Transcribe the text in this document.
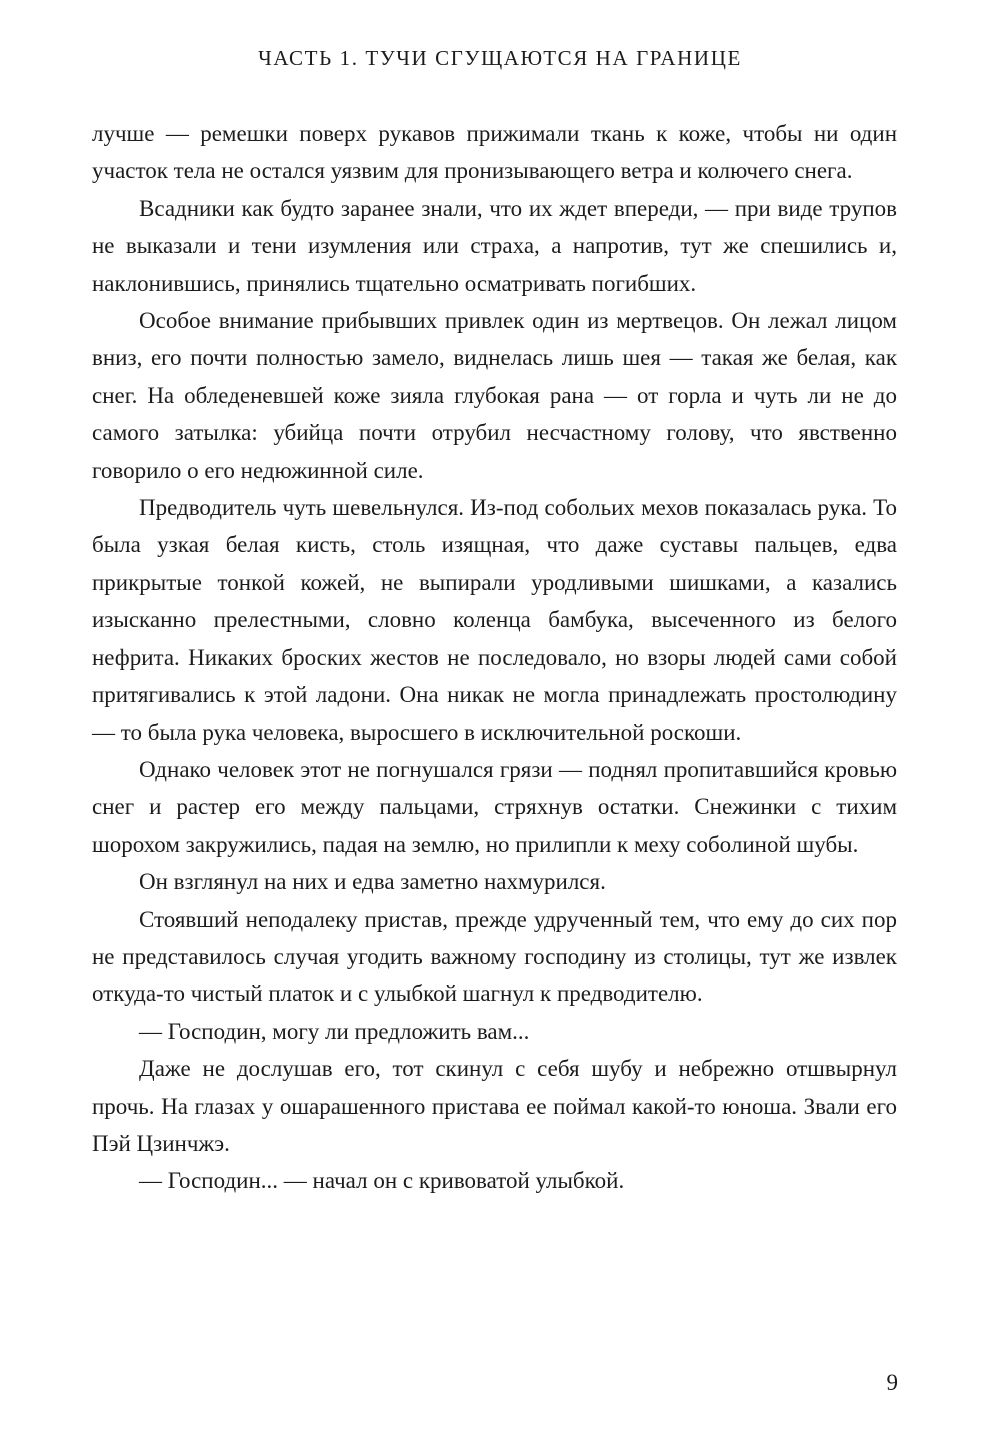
ЧАСТЬ 1. ТУЧИ СГУЩАЮТСЯ НА ГРАНИЦЕ

лучше — ремешки поверх рукавов прижимали ткань к коже, чтобы ни один участок тела не остался уязвим для пронизывающего ветра и колючего снега.

Всадники как будто заранее знали, что их ждет впереди, — при виде трупов не выказали и тени изумления или страха, а напротив, тут же спешились и, наклонившись, принялись тщательно осматривать погибших.

Особое внимание прибывших привлек один из мертвецов. Он лежал лицом вниз, его почти полностью замело, виднелась лишь шея — такая же белая, как снег. На обледеневшей коже зияла глубокая рана — от горла и чуть ли не до самого затылка: убийца почти отрубил несчастному голову, что явственно говорило о его недюжинной силе.

Предводитель чуть шевельнулся. Из-под собольих мехов показалась рука. То была узкая белая кисть, столь изящная, что даже суставы пальцев, едва прикрытые тонкой кожей, не выпирали уродливыми шишками, а казались изысканно прелестными, словно коленца бамбука, высеченного из белого нефрита. Никаких броских жестов не последовало, но взоры людей сами собой притягивались к этой ладони. Она никак не могла принадлежать простолюдину — то была рука человека, выросшего в исключительной роскоши.

Однако человек этот не погнушался грязи — поднял пропитавшийся кровью снег и растер его между пальцами, стряхнув остатки. Снежинки с тихим шорохом закружились, падая на землю, но прилипли к меху соболиной шубы.

Он взглянул на них и едва заметно нахмурился.

Стоявший неподалеку пристав, прежде удрученный тем, что ему до сих пор не представилось случая угодить важному господину из столицы, тут же извлек откуда-то чистый платок и с улыбкой шагнул к предводителю.

— Господин, могу ли предложить вам...

Даже не дослушав его, тот скинул с себя шубу и небрежно отшвырнул прочь. На глазах у ошарашенного пристава ее поймал какой-то юноша. Звали его Пэй Цзинчжэ.

— Господин... — начал он с кривоватой улыбкой.

9
